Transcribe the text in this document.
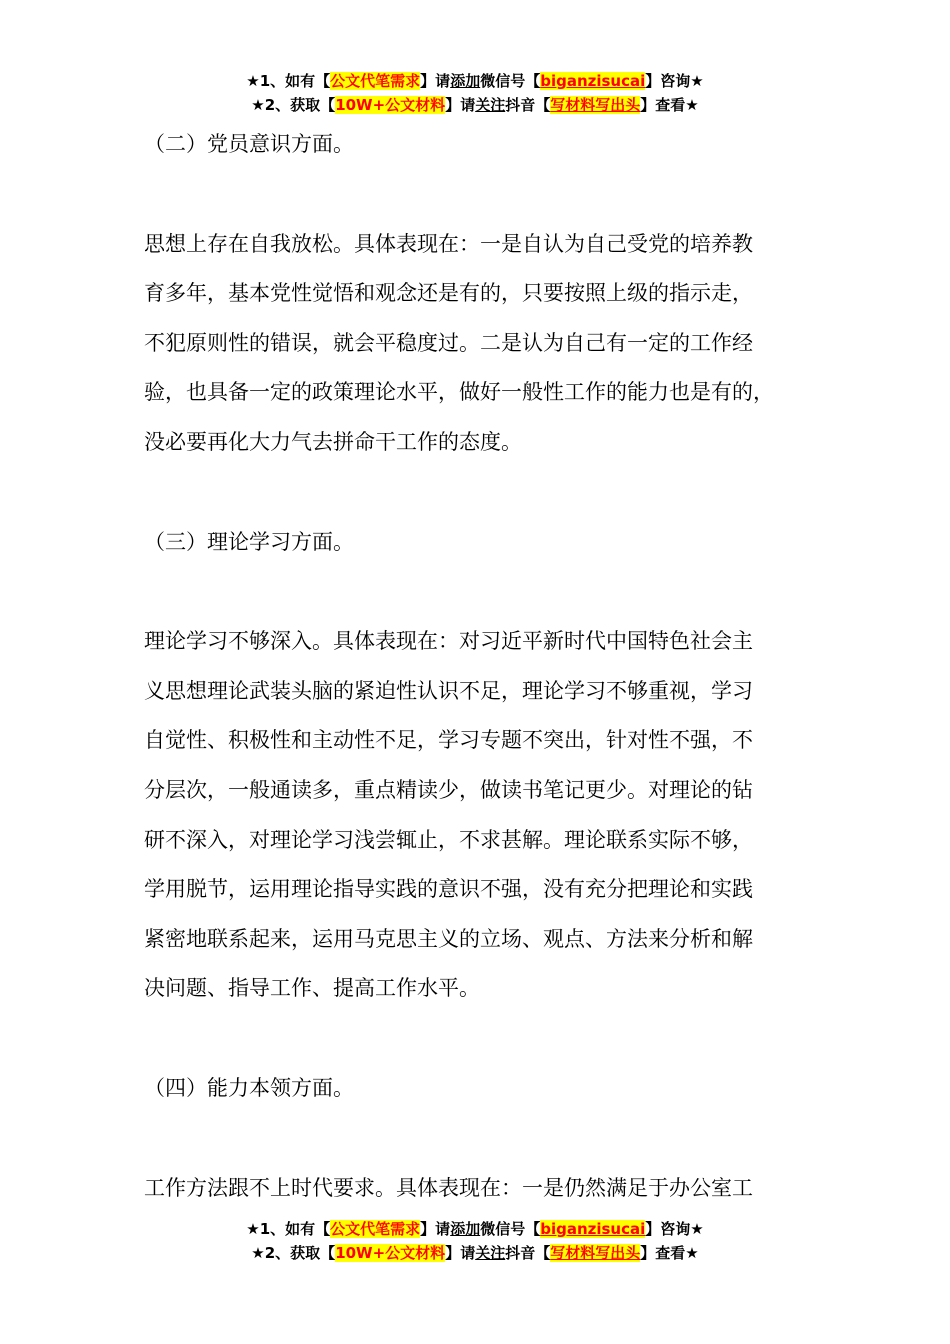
★1、如有【公文代笔需求】请添加微信号【biganzisucai】咨询★
★2、获取【10W+公文材料】请关注抖音【写材料写出头】查看★

（二）党员意识方面。

思想上存在自我放松。具体表现在：一是自认为自己受党的培养教

育多年，基本党性觉悟和观念还是有的，只要按照上级的指示走，

不犯原则性的错误，就会平稳度过。二是认为自己有一定的工作经

验，也具备一定的政策理论水平，做好一般性工作的能力也是有的，

没必要再化大力气去拼命干工作的态度。

（三）理论学习方面。

理论学习不够深入。具体表现在：对习近平新时代中国特色社会主

义思想理论武装头脑的紧迫性认识不足，理论学习不够重视，学习

自觉性、积极性和主动性不足，学习专题不突出，针对性不强，不

分层次，一般通读多，重点精读少，做读书笔记更少。对理论的钻

研不深入，对理论学习浅尝辄止，不求甚解。理论联系实际不够，

学用脱节，运用理论指导实践的意识不强，没有充分把理论和实践

紧密地联系起来，运用马克思主义的立场、观点、方法来分析和解

决问题、指导工作、提高工作水平。

（四）能力本领方面。

工作方法跟不上时代要求。具体表现在：一是仍然满足于办公室工

★1、如有【公文代笔需求】请添加微信号【biganzisucai】咨询★
★2、获取【10W+公文材料】请关注抖音【写材料写出头】查看★
